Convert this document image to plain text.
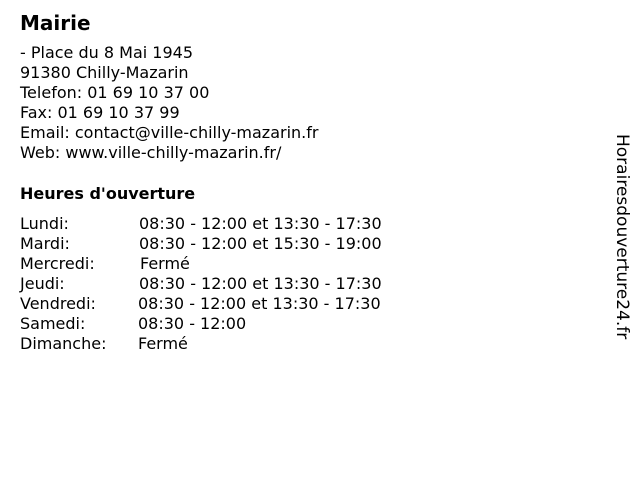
Mairie
- Place du 8 Mai 1945
91380 Chilly-Mazarin
Telefon: 01 69 10 37 00
Fax: 01 69 10 37 99
Email: contact@ville-chilly-mazarin.fr
Web: www.ville-chilly-mazarin.fr/
Heures d'ouverture
Lundi:	08:30 - 12:00 et 13:30 - 17:30
Mardi:	08:30 - 12:00 et 15:30 - 19:00
Mercredi:	Fermé
Jeudi:	08:30 - 12:00 et 13:30 - 17:30
Vendredi:	08:30 - 12:00 et 13:30 - 17:30
Samedi:	08:30 - 12:00
Dimanche: Fermé
Horairesdouverture24.fr
